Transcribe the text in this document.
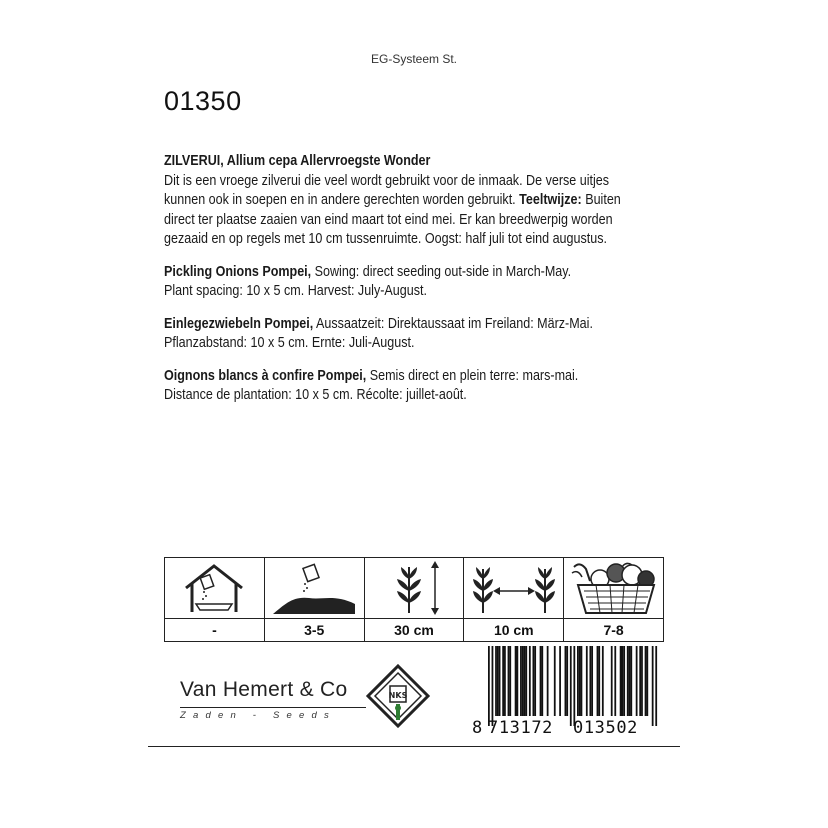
EG-Systeem St.
01350

ZILVERUI, Allium cepa Allervroegste Wonder
Dit is een vroege zilverui die veel wordt gebruikt voor de inmaak. De verse uitjes
kunnen ook in soepen en in andere gerechten worden gebruikt. Teeltwijze: Buiten
direct ter plaatse zaaien van eind maart tot eind mei. Er kan breedwerpig worden
gezaaid en op regels met 10 cm tussenruimte. Oogst: half juli tot eind augustus.

Pickling Onions Pompei, Sowing: direct seeding out-side in March-May.
Plant spacing: 10 x 5 cm. Harvest: July-August.

Einlegezwiebeln Pompei, Aussaatzeit: Direktaussaat im Freiland: März-Mai.
Pflanzabstand: 10 x 5 cm. Ernte: Juli-August.

Oignons blancs à confire Pompei, Semis direct en plein terre: mars-mai.
Distance de plantation: 10 x 5 cm. Récolte: juillet-août.

-	3-5	30 cm	10 cm	7-8
Van Hemert & Co
Zaden - Seeds
NKS
8 713172 013502
